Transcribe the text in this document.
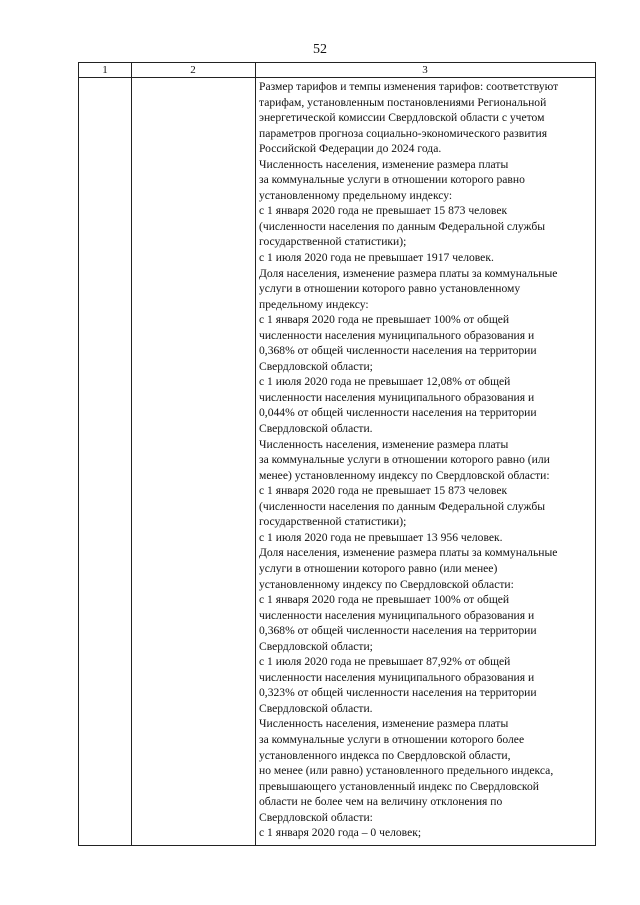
52
1	2	3
Размер тарифов и темпы изменения тарифов: соответствуют
тарифам, установленным постановлениями Региональной
энергетической комиссии Свердловской области с учетом
параметров прогноза социально-экономического развития
Российской Федерации до 2024 года.
Численность населения, изменение размера платы
за коммунальные услуги в отношении которого равно
установленному предельному индексу:
с 1 января 2020 года не превышает 15 873 человек
(численности населения по данным Федеральной службы
государственной статистики);
с 1 июля 2020 года не превышает 1917 человек.
Доля населения, изменение размера платы за коммунальные
услуги в отношении которого равно установленному
предельному индексу:
с 1 января 2020 года не превышает 100% от общей
численности населения муниципального образования и
0,368% от общей численности населения на территории
Свердловской области;
с 1 июля 2020 года не превышает 12,08% от общей
численности населения муниципального образования и
0,044% от общей численности населения на территории
Свердловской области.
Численность населения, изменение размера платы
за коммунальные услуги в отношении которого равно (или
менее) установленному индексу по Свердловской области:
с 1 января 2020 года не превышает 15 873 человек
(численности населения по данным Федеральной службы
государственной статистики);
с 1 июля 2020 года не превышает 13 956 человек.
Доля населения, изменение размера платы за коммунальные
услуги в отношении которого равно (или менее)
установленному индексу по Свердловской области:
с 1 января 2020 года не превышает 100% от общей
численности населения муниципального образования и
0,368% от общей численности населения на территории
Свердловской области;
с 1 июля 2020 года не превышает 87,92% от общей
численности населения муниципального образования и
0,323% от общей численности населения на территории
Свердловской области.
Численность населения, изменение размера платы
за коммунальные услуги в отношении которого более
установленного индекса по Свердловской области,
но менее (или равно) установленного предельного индекса,
превышающего установленный индекс по Свердловской
области не более чем на величину отклонения по
Свердловской области:
с 1 января 2020 года – 0 человек;
